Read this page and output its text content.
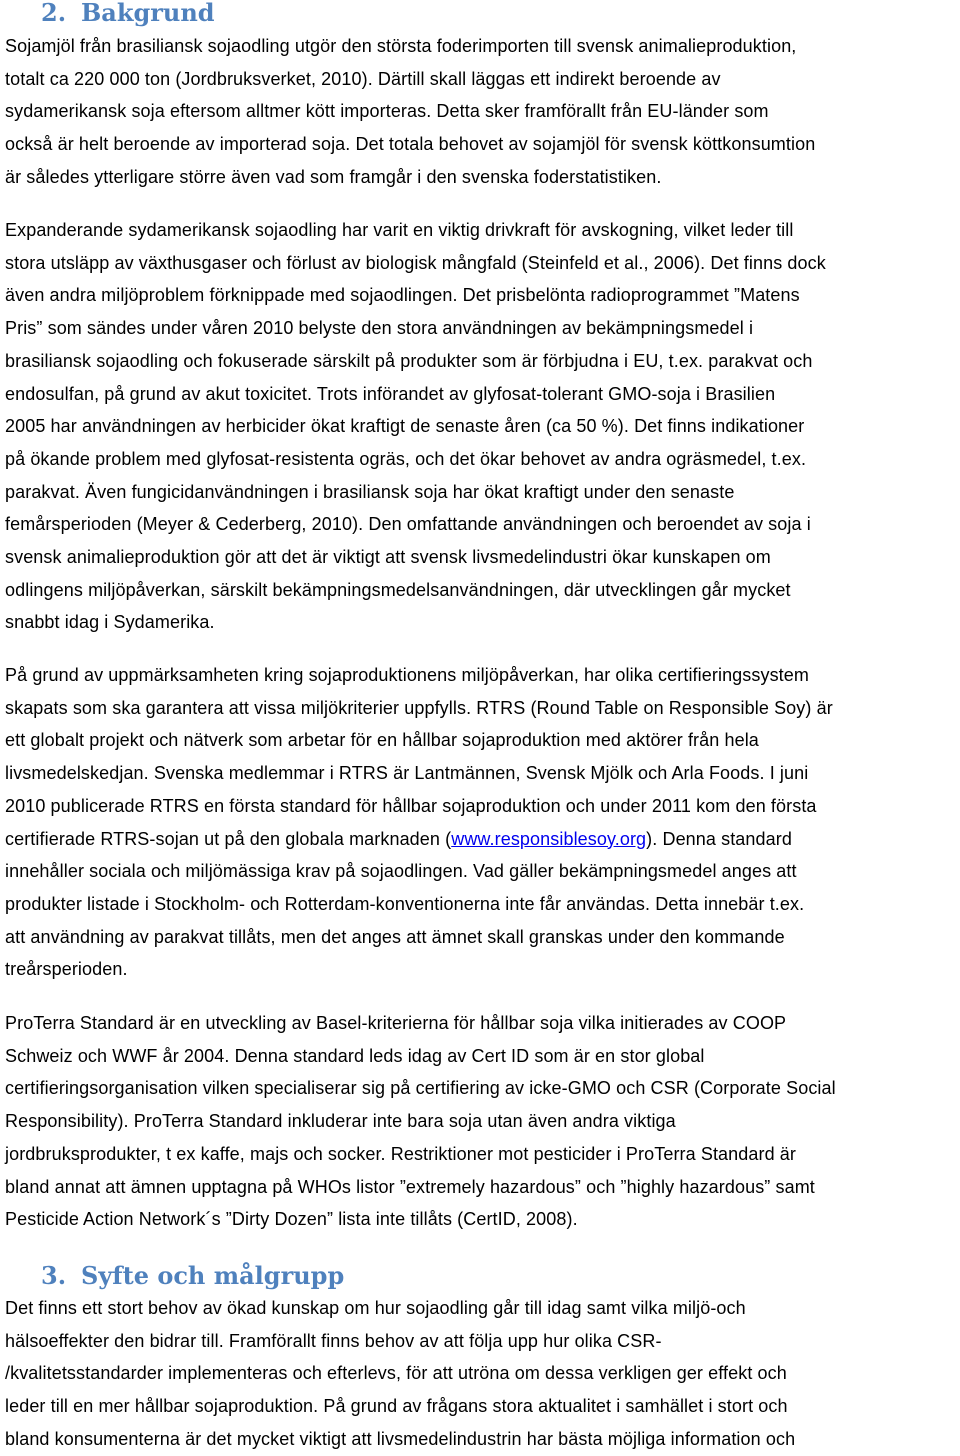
2. Bakgrund

Sojamjöl från brasiliansk sojaodling utgör den största foderimporten till svensk animalieproduktion,
totalt ca 220 000 ton (Jordbruksverket, 2010). Därtill skall läggas ett indirekt beroende av
sydamerikansk soja eftersom alltmer kött importeras. Detta sker framförallt från EU-länder som
också är helt beroende av importerad soja. Det totala behovet av sojamjöl för svensk köttkonsumtion
är således ytterligare större även vad som framgår i den svenska foderstatistiken.

Expanderande sydamerikansk sojaodling har varit en viktig drivkraft för avskogning, vilket leder till
stora utsläpp av växthusgaser och förlust av biologisk mångfald (Steinfeld et al., 2006). Det finns dock
även andra miljöproblem förknippade med sojaodlingen. Det prisbelönta radioprogrammet ”Matens
Pris” som sändes under våren 2010 belyste den stora användningen av bekämpningsmedel i
brasiliansk sojaodling och fokuserade särskilt på produkter som är förbjudna i EU, t.ex. parakvat och
endosulfan, på grund av akut toxicitet. Trots införandet av glyfosat-tolerant GMO-soja i Brasilien
2005 har användningen av herbicider ökat kraftigt de senaste åren (ca 50 %). Det finns indikationer
på ökande problem med glyfosat-resistenta ogräs, och det ökar behovet av andra ogräsmedel, t.ex.
parakvat. Även fungicidanvändningen i brasiliansk soja har ökat kraftigt under den senaste
femårsperioden (Meyer & Cederberg, 2010). Den omfattande användningen och beroendet av soja i
svensk animalieproduktion gör att det är viktigt att svensk livsmedelindustri ökar kunskapen om
odlingens miljöpåverkan, särskilt bekämpningsmedelsanvändningen, där utvecklingen går mycket
snabbt idag i Sydamerika.

På grund av uppmärksamheten kring sojaproduktionens miljöpåverkan, har olika certifieringssystem
skapats som ska garantera att vissa miljökriterier uppfylls. RTRS (Round Table on Responsible Soy) är
ett globalt projekt och nätverk som arbetar för en hållbar sojaproduktion med aktörer från hela
livsmedelskedjan. Svenska medlemmar i RTRS är Lantmännen, Svensk Mjölk och Arla Foods. I juni
2010 publicerade RTRS en första standard för hållbar sojaproduktion och under 2011 kom den första
certifierade RTRS-sojan ut på den globala marknaden (www.responsiblesoy.org). Denna standard
innehåller sociala och miljömässiga krav på sojaodlingen. Vad gäller bekämpningsmedel anges att
produkter listade i Stockholm- och Rotterdam-konventionerna inte får användas. Detta innebär t.ex.
att användning av parakvat tillåts, men det anges att ämnet skall granskas under den kommande
treårsperioden.

ProTerra Standard är en utveckling av Basel-kriterierna för hållbar soja vilka initierades av COOP
Schweiz och WWF år 2004. Denna standard leds idag av Cert ID som är en stor global
certifieringsorganisation vilken specialiserar sig på certifiering av icke-GMO och CSR (Corporate Social
Responsibility). ProTerra Standard inkluderar inte bara soja utan även andra viktiga
jordbruksprodukter, t ex kaffe, majs och socker. Restriktioner mot pesticider i ProTerra Standard är
bland annat att ämnen upptagna på WHOs listor ”extremely hazardous” och ”highly hazardous” samt
Pesticide Action Network´s ”Dirty Dozen” lista inte tillåts (CertID, 2008).

3. Syfte och målgrupp

Det finns ett stort behov av ökad kunskap om hur sojaodling går till idag samt vilka miljö-och
hälsoeffekter den bidrar till. Framförallt finns behov av att följa upp hur olika CSR-
/kvalitetsstandarder implementeras och efterlevs, för att utröna om dessa verkligen ger effekt och
leder till en mer hållbar sojaproduktion. På grund av frågans stora aktualitet i samhället i stort och
bland konsumenterna är det mycket viktigt att livsmedelindustrin har bästa möjliga information och
